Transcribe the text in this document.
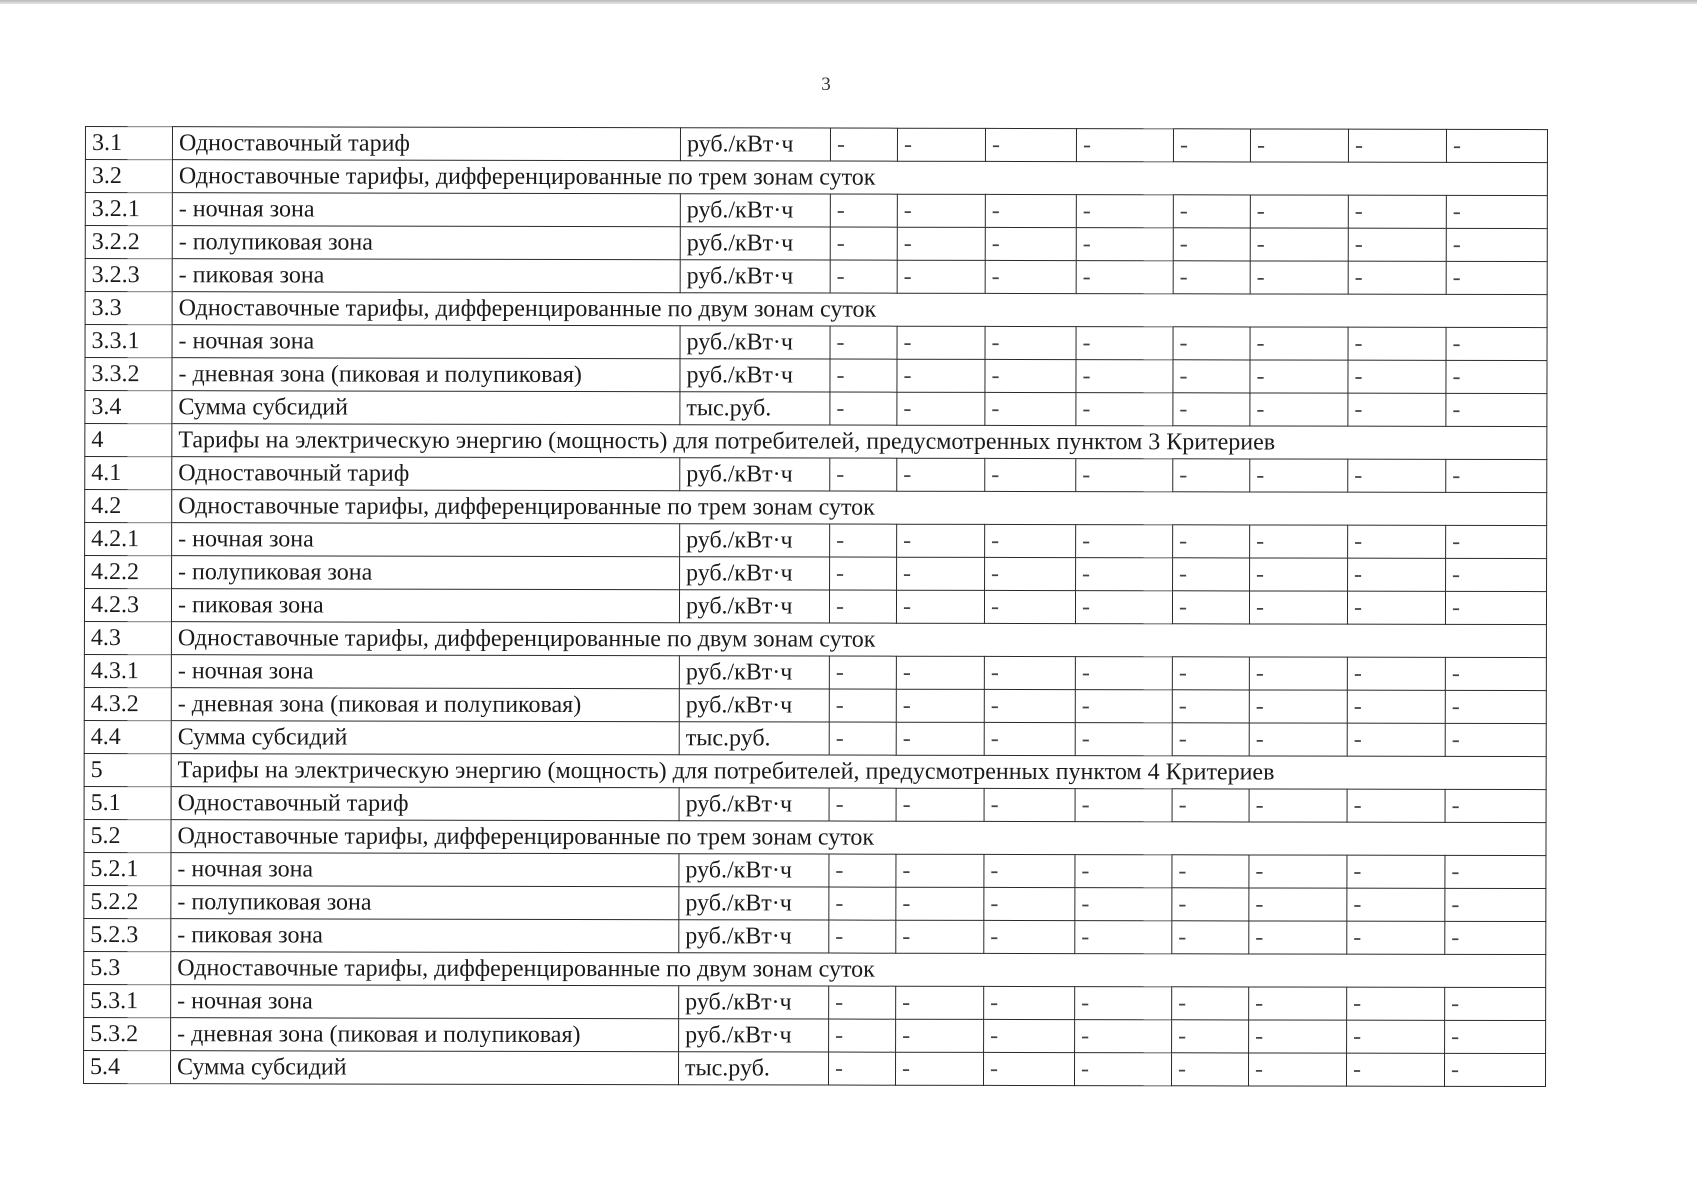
3
3.1	Одноставочный тариф	руб./кВт·ч	-	-	-	-	-	-	-	-
3.2	Одноставочные тарифы, дифференцированные по трем зонам суток									
3.2.1	- ночная зона	руб./кВт·ч	-	-	-	-	-	-	-	-
3.2.2	- полупиковая зона	руб./кВт·ч	-	-	-	-	-	-	-	-
3.2.3	- пиковая зона	руб./кВт·ч	-	-	-	-	-	-	-	-
3.3	Одноставочные тарифы, дифференцированные по двум зонам суток									
3.3.1	- ночная зона	руб./кВт·ч	-	-	-	-	-	-	-	-
3.3.2	- дневная зона (пиковая и полупиковая)	руб./кВт·ч	-	-	-	-	-	-	-	-
3.4	Сумма субсидий	тыс.руб.	-	-	-	-	-	-	-	-
4	Тарифы на электрическую энергию (мощность) для потребителей, предусмотренных пунктом 3 Критериев									
4.1	Одноставочный тариф	руб./кВт·ч	-	-	-	-	-	-	-	-
4.2	Одноставочные тарифы, дифференцированные по трем зонам суток									
4.2.1	- ночная зона	руб./кВт·ч	-	-	-	-	-	-	-	-
4.2.2	- полупиковая зона	руб./кВт·ч	-	-	-	-	-	-	-	-
4.2.3	- пиковая зона	руб./кВт·ч	-	-	-	-	-	-	-	-
4.3	Одноставочные тарифы, дифференцированные по двум зонам суток									
4.3.1	- ночная зона	руб./кВт·ч	-	-	-	-	-	-	-	-
4.3.2	- дневная зона (пиковая и полупиковая)	руб./кВт·ч	-	-	-	-	-	-	-	-
4.4	Сумма субсидий	тыс.руб.	-	-	-	-	-	-	-	-
5	Тарифы на электрическую энергию (мощность) для потребителей, предусмотренных пунктом 4 Критериев									
5.1	Одноставочный тариф	руб./кВт·ч	-	-	-	-	-	-	-	-
5.2	Одноставочные тарифы, дифференцированные по трем зонам суток									
5.2.1	- ночная зона	руб./кВт·ч	-	-	-	-	-	-	-	-
5.2.2	- полупиковая зона	руб./кВт·ч	-	-	-	-	-	-	-	-
5.2.3	- пиковая зона	руб./кВт·ч	-	-	-	-	-	-	-	-
5.3	Одноставочные тарифы, дифференцированные по двум зонам суток									
5.3.1	- ночная зона	руб./кВт·ч	-	-	-	-	-	-	-	-
5.3.2	- дневная зона (пиковая и полупиковая)	руб./кВт·ч	-	-	-	-	-	-	-	-
5.4	Сумма субсидий	тыс.руб.	-	-	-	-	-	-	-	-
